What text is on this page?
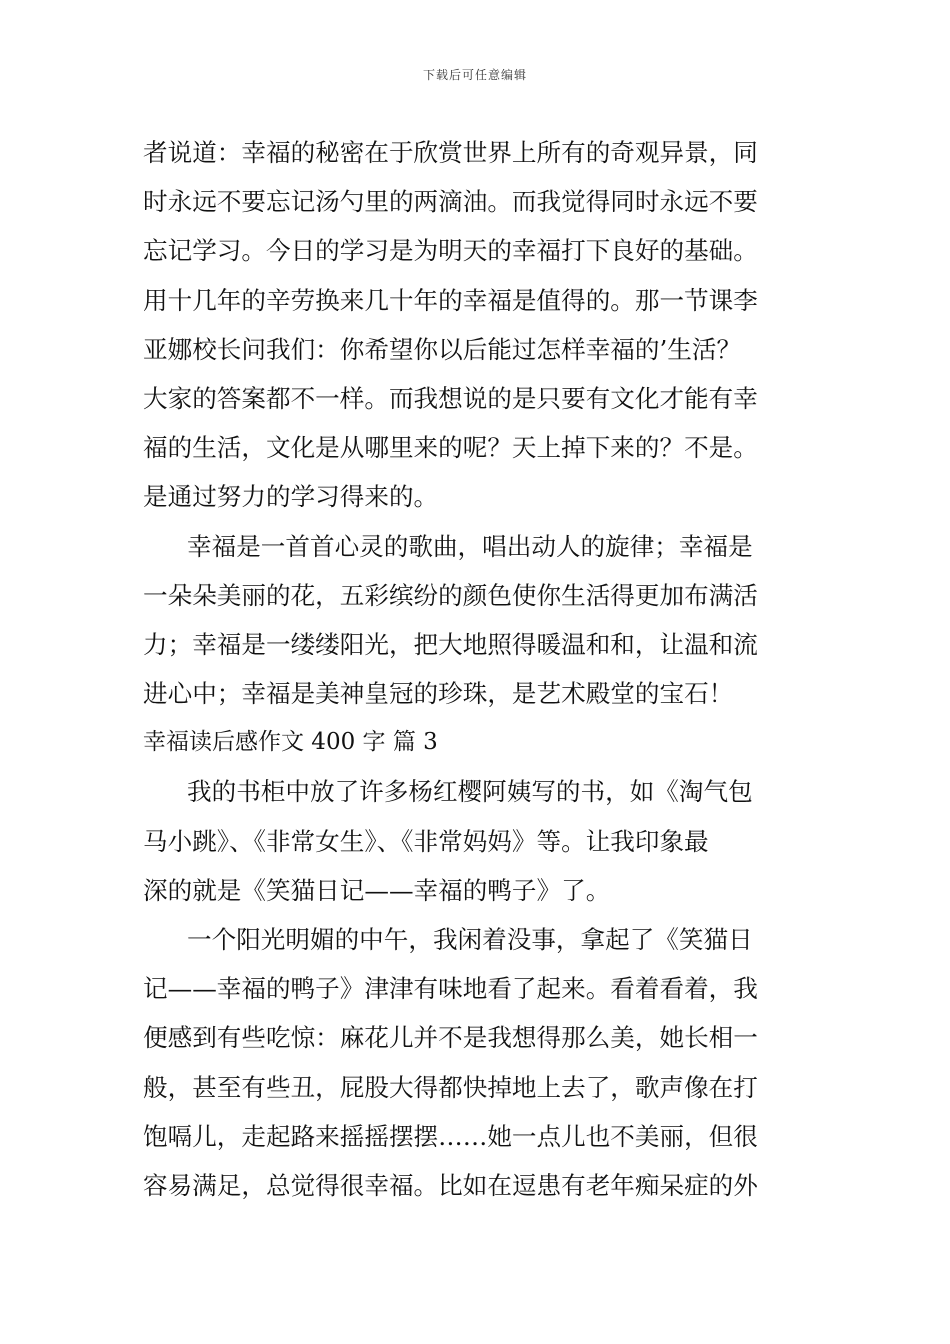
下载后可任意编辑
者说道：幸福的秘密在于欣赏世界上所有的奇观异景，同
时永远不要忘记汤勺里的两滴油。而我觉得同时永远不要
忘记学习。今日的学习是为明天的幸福打下良好的基础。
用十几年的辛劳换来几十年的幸福是值得的。那一节课李
亚娜校长问我们：你希望你以后能过怎样幸福的’生活？
大家的答案都不一样。而我想说的是只要有文化才能有幸
福的生活，文化是从哪里来的呢？天上掉下来的？不是。
是通过努力的学习得来的。
幸福是一首首心灵的歌曲，唱出动人的旋律；幸福是
一朵朵美丽的花，五彩缤纷的颜色使你生活得更加布满活
力；幸福是一缕缕阳光，把大地照得暖温和和，让温和流
进心中；幸福是美神皇冠的珍珠，是艺术殿堂的宝石！
幸福读后感作文 400 字 篇 3
我的书柜中放了许多杨红樱阿姨写的书，如《淘气包
马小跳》、《非常女生》、《非常妈妈》等。让我印象最
深的就是《笑猫日记——幸福的鸭子》了。
一个阳光明媚的中午，我闲着没事，拿起了《笑猫日
记——幸福的鸭子》津津有味地看了起来。看着看着，我
便感到有些吃惊：麻花儿并不是我想得那么美，她长相一
般，甚至有些丑，屁股大得都快掉地上去了，歌声像在打
饱嗝儿，走起路来摇摇摆摆……她一点儿也不美丽，但很
容易满足，总觉得很幸福。比如在逗患有老年痴呆症的外
